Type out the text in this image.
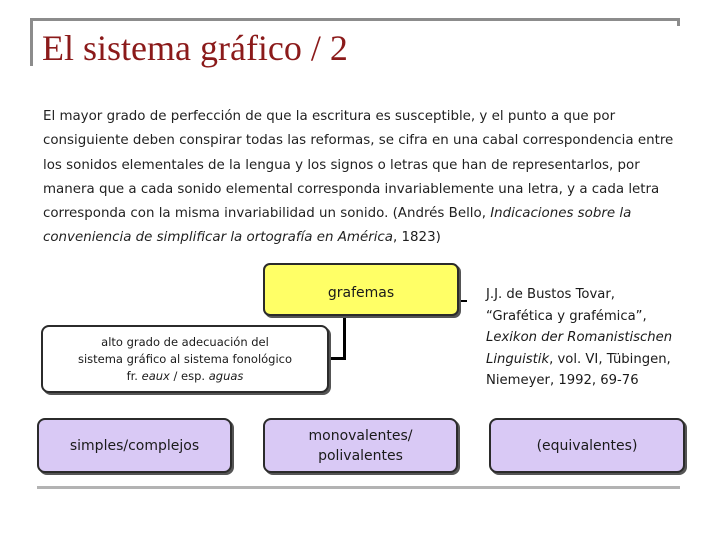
El sistema gráfico / 2
El mayor grado de perfección de que la escritura es susceptible, y el punto a que por consiguiente deben conspirar todas las reformas, se cifra en una cabal correspondencia entre los sonidos elementales de la lengua y los signos o letras que han de representarlos, por manera que a cada sonido elemental corresponda invariablemente una letra, y a cada letra corresponda con la misma invariabilidad un sonido. (Andrés Bello, Indicaciones sobre la conveniencia de simplificar la ortografía en América, 1823)
grafemas
alto grado de adecuación del
sistema gráfico al sistema fonológico
fr. eaux / esp. aguas
simples/complejos
monovalentes/
polivalentes
(equivalentes)
J.J. de Bustos Tovar,
“Grafética y grafémica”,
Lexikon der Romanistischen Linguistik, vol. VI, Tübingen, Niemeyer, 1992, 69-76
